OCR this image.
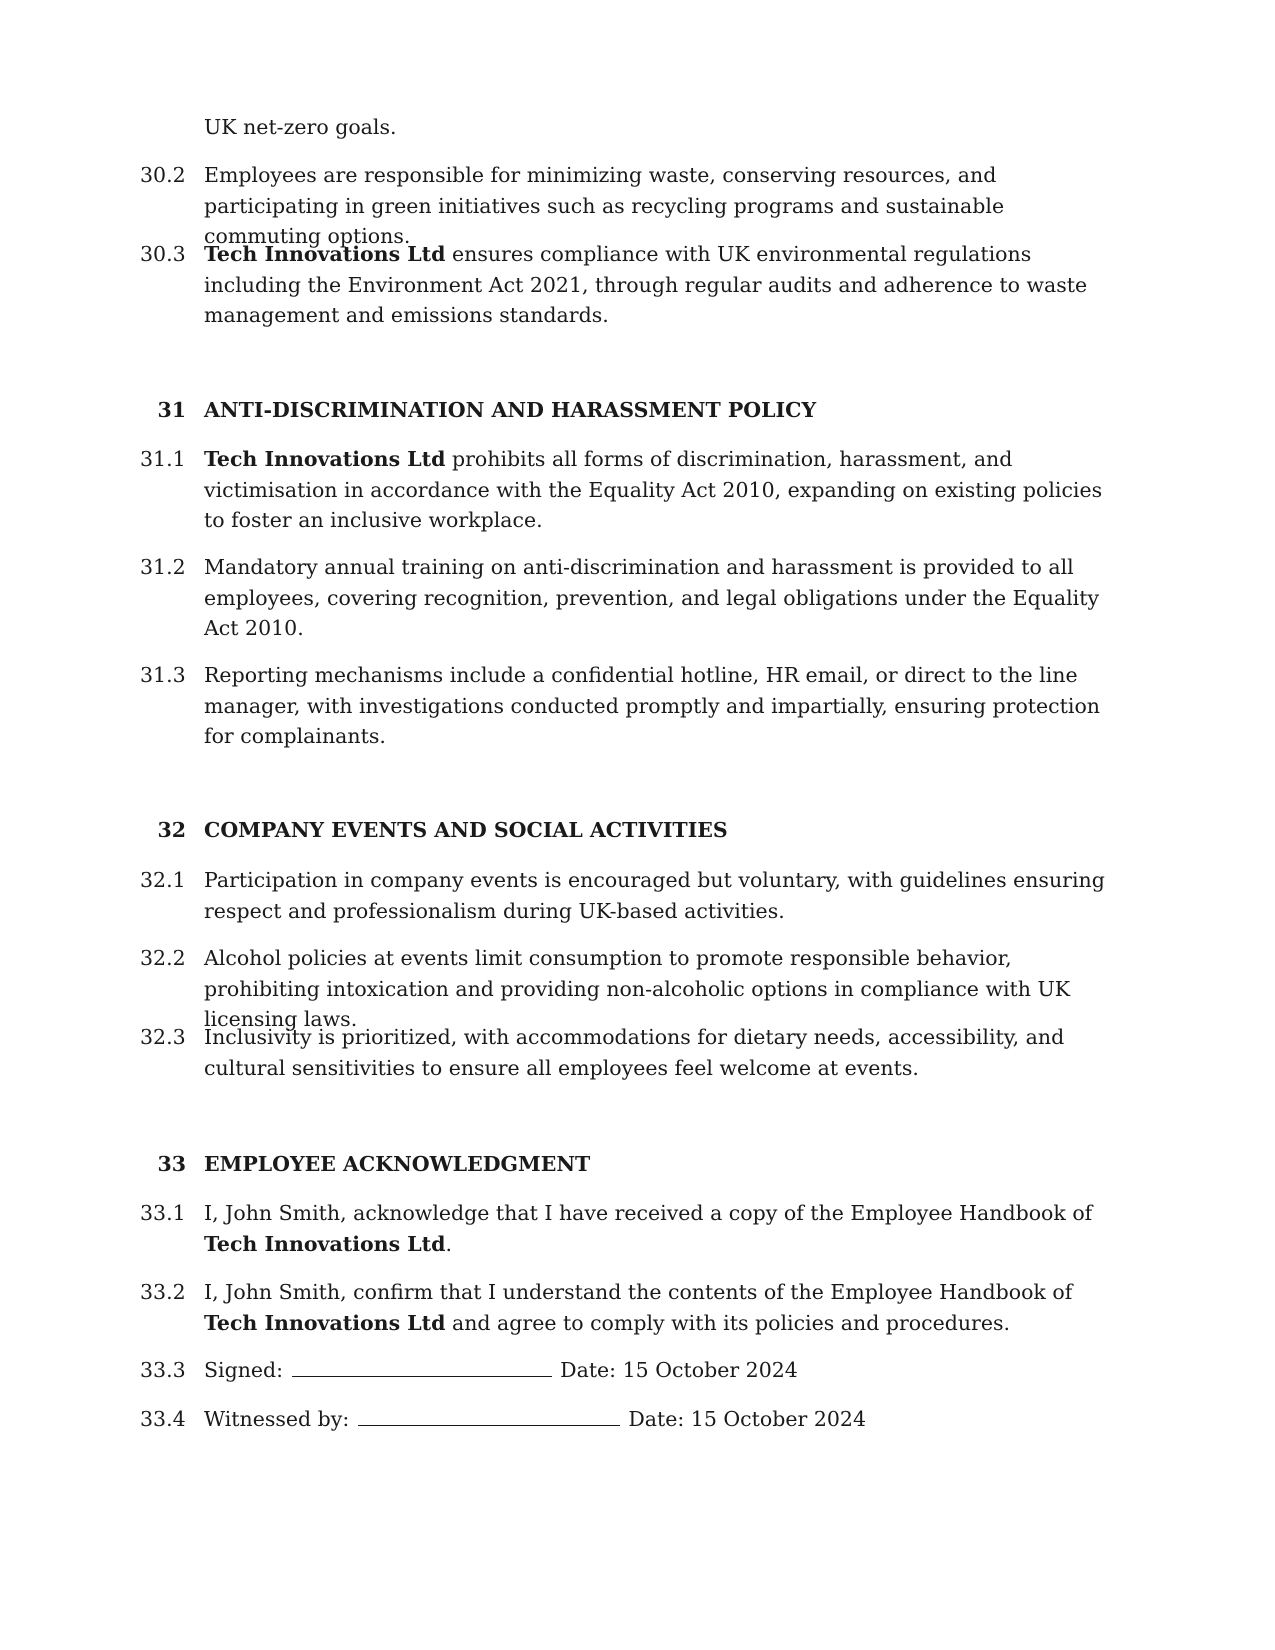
UK net-zero goals.
30.2 Employees are responsible for minimizing waste, conserving resources, and participating in green initiatives such as recycling programs and sustainable commuting options.
30.3 Tech Innovations Ltd ensures compliance with UK environmental regulations including the Environment Act 2021, through regular audits and adherence to waste management and emissions standards.
31 ANTI-DISCRIMINATION AND HARASSMENT POLICY
31.1 Tech Innovations Ltd prohibits all forms of discrimination, harassment, and victimisation in accordance with the Equality Act 2010, expanding on existing policies to foster an inclusive workplace.
31.2 Mandatory annual training on anti-discrimination and harassment is provided to all employees, covering recognition, prevention, and legal obligations under the Equality Act 2010.
31.3 Reporting mechanisms include a confidential hotline, HR email, or direct to the line manager, with investigations conducted promptly and impartially, ensuring protection for complainants.
32 COMPANY EVENTS AND SOCIAL ACTIVITIES
32.1 Participation in company events is encouraged but voluntary, with guidelines ensuring respect and professionalism during UK-based activities.
32.2 Alcohol policies at events limit consumption to promote responsible behavior, prohibiting intoxication and providing non-alcoholic options in compliance with UK licensing laws.
32.3 Inclusivity is prioritized, with accommodations for dietary needs, accessibility, and cultural sensitivities to ensure all employees feel welcome at events.
33 EMPLOYEE ACKNOWLEDGMENT
33.1 I, John Smith, acknowledge that I have received a copy of the Employee Handbook of Tech Innovations Ltd.
33.2 I, John Smith, confirm that I understand the contents of the Employee Handbook of Tech Innovations Ltd and agree to comply with its policies and procedures.
33.3 Signed:	Date: 15 October 2024
33.4 Witnessed by:	Date: 15 October 2024
